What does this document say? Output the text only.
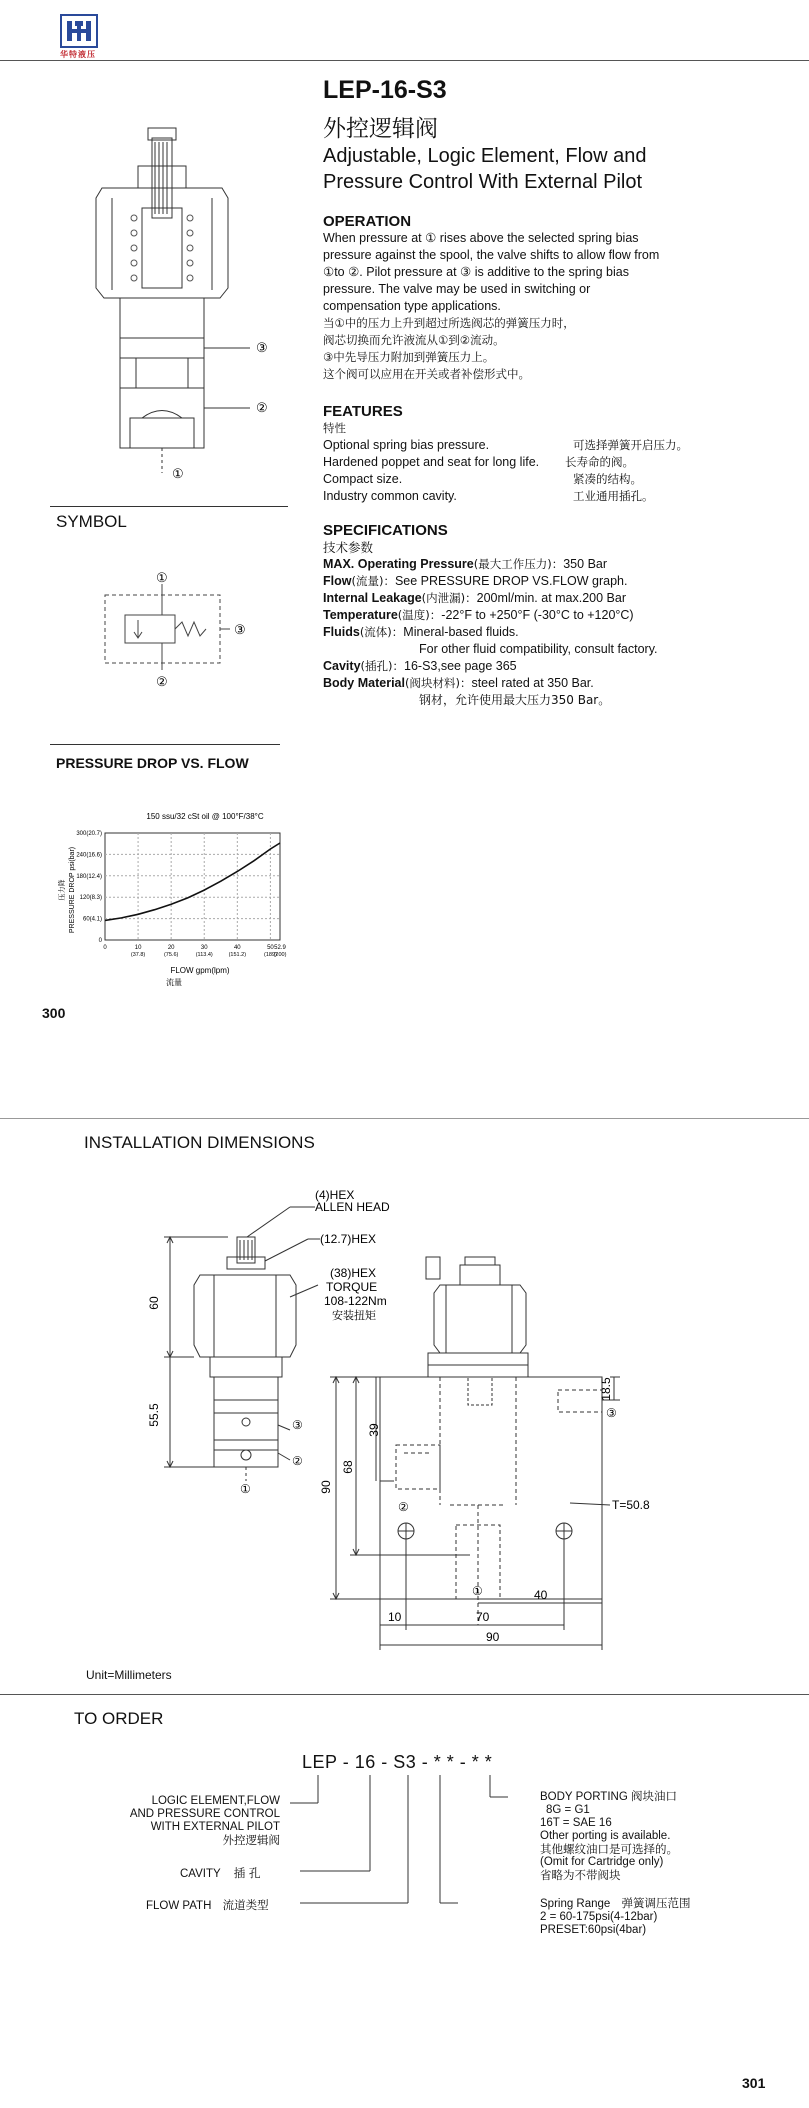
华特液压
③
②
①
LEP-16-S3
外控逻辑阀
Adjustable, Logic Element, Flow and Pressure Control With External Pilot
OPERATION
When pressure at ① rises above the selected spring bias
pressure against the spool, the valve shifts to allow flow from
①to ②. Pilot pressure at ③ is additive to the spring bias
pressure. The valve may be used in switching or
compensation type applications.
当①中的压力上升到超过所选阀芯的弹簧压力时，
阀芯切换而允许液流从①到②流动。
③中先导压力附加到弹簧压力上。
这个阀可以应用在开关或者补偿形式中。
FEATURES
特性
Optional spring bias pressure.	可选择弹簧开启压力。
Hardened poppet and seat for long life.	长寿命的阀。
Compact size.	紧凑的结构。
Industry common cavity.	工业通用插孔。
SPECIFICATIONS
技术参数
MAX. Operating Pressure(最大工作压力)：350 Bar
Flow(流量)：See PRESSURE DROP VS.FLOW graph.
Internal Leakage(内泄漏)：200ml/min. at max.200 Bar
Temperature(温度)：-22°F to +250°F (-30°C to +120°C)
Fluids(流体)：Mineral-based fluids.
For other fluid compatibility, consult factory.
Cavity(插孔)：16-S3,see page 365
Body Material(阀块材料)：steel rated at 350 Bar.
钢材，允许使用最大压力350 Bar。
SYMBOL
①
③
②
PRESSURE DROP VS. FLOW
150 ssu/32 cSt oil @ 100°F/38°C
压力降 PRESSURE DROP psi(bar)
FLOW gpm(lpm)
流量
0
60(4.1)
120(8.3)
180(12.4)
240(16.6)
300(20.7)
0	10
(37.8)
20
(75.6)
30
(113.4)
40
(151.2)
50
(189)
52.9
(200)
300
INSTALLATION DIMENSIONS
(4)HEX
ALLEN HEAD
(12.7)HEX
(38)HEX
TORQUE
108-122Nm
安装扭矩
60
55.5
39
68
90
18.5
T=50.8
10	70
40
90
③
②
①
③
②
①
Unit=Millimeters
TO ORDER
LEP - 16 - S3 - * * - * *
LOGIC ELEMENT,FLOW
AND PRESSURE CONTROL
WITH EXTERNAL PILOT
外控逻辑阀
CAVITY 插 孔
FLOW PATH 流道类型
BODY PORTING 阀块油口
8G = G1
16T = SAE 16
Other porting is available.
其他螺纹油口是可选择的。
(Omit for Cartridge only)
省略为不带阀块
Spring Range 弹簧调压范围
2 = 60-175psi(4-12bar)
PRESET:60psi(4bar)
301
